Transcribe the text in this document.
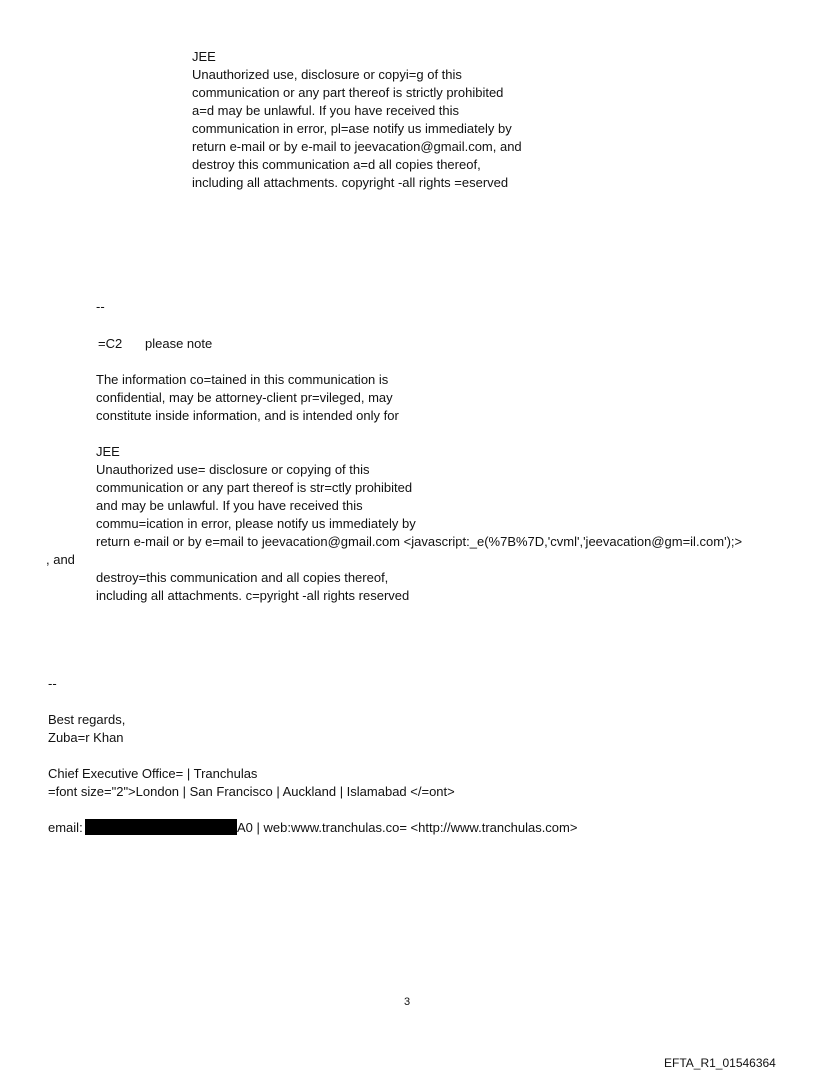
JEE
Unauthorized use, disclosure or copyi=g of this
communication or any part thereof is strictly prohibited
a=d may be unlawful. If you have received this
communication in error, pl=ase notify us immediately by
return e-mail or by e-mail to jeevacation@gmail.com, and
destroy this communication a=d all copies thereof,
including all attachments. copyright -all rights =eserved
--
=C2 please note
The information co=tained in this communication is
confidential, may be attorney-client pr=vileged, may
constitute inside information, and is intended only for
JEE
Unauthorized use= disclosure or copying of this
communication or any part thereof is str=ctly prohibited
and may be unlawful. If you have received this
commu=ication in error, please notify us immediately by
return e-mail or by e=mail to jeevacation@gmail.com <javascript:_e(%7B%7D,'cvml','jeevacation@gm=il.com');>
, and
destroy=this communication and all copies thereof,
including all attachments. c=pyright -all rights reserved
--
Best regards,
Zuba=r Khan
Chief Executive Office= | Tranchulas
=font size="2">London | San Francisco | Auckland | Islamabad </=ont>
email:	A0 | web:www.tranchulas.co= <http://www.tranchulas.com>
3
EFTA_R1_01546364
